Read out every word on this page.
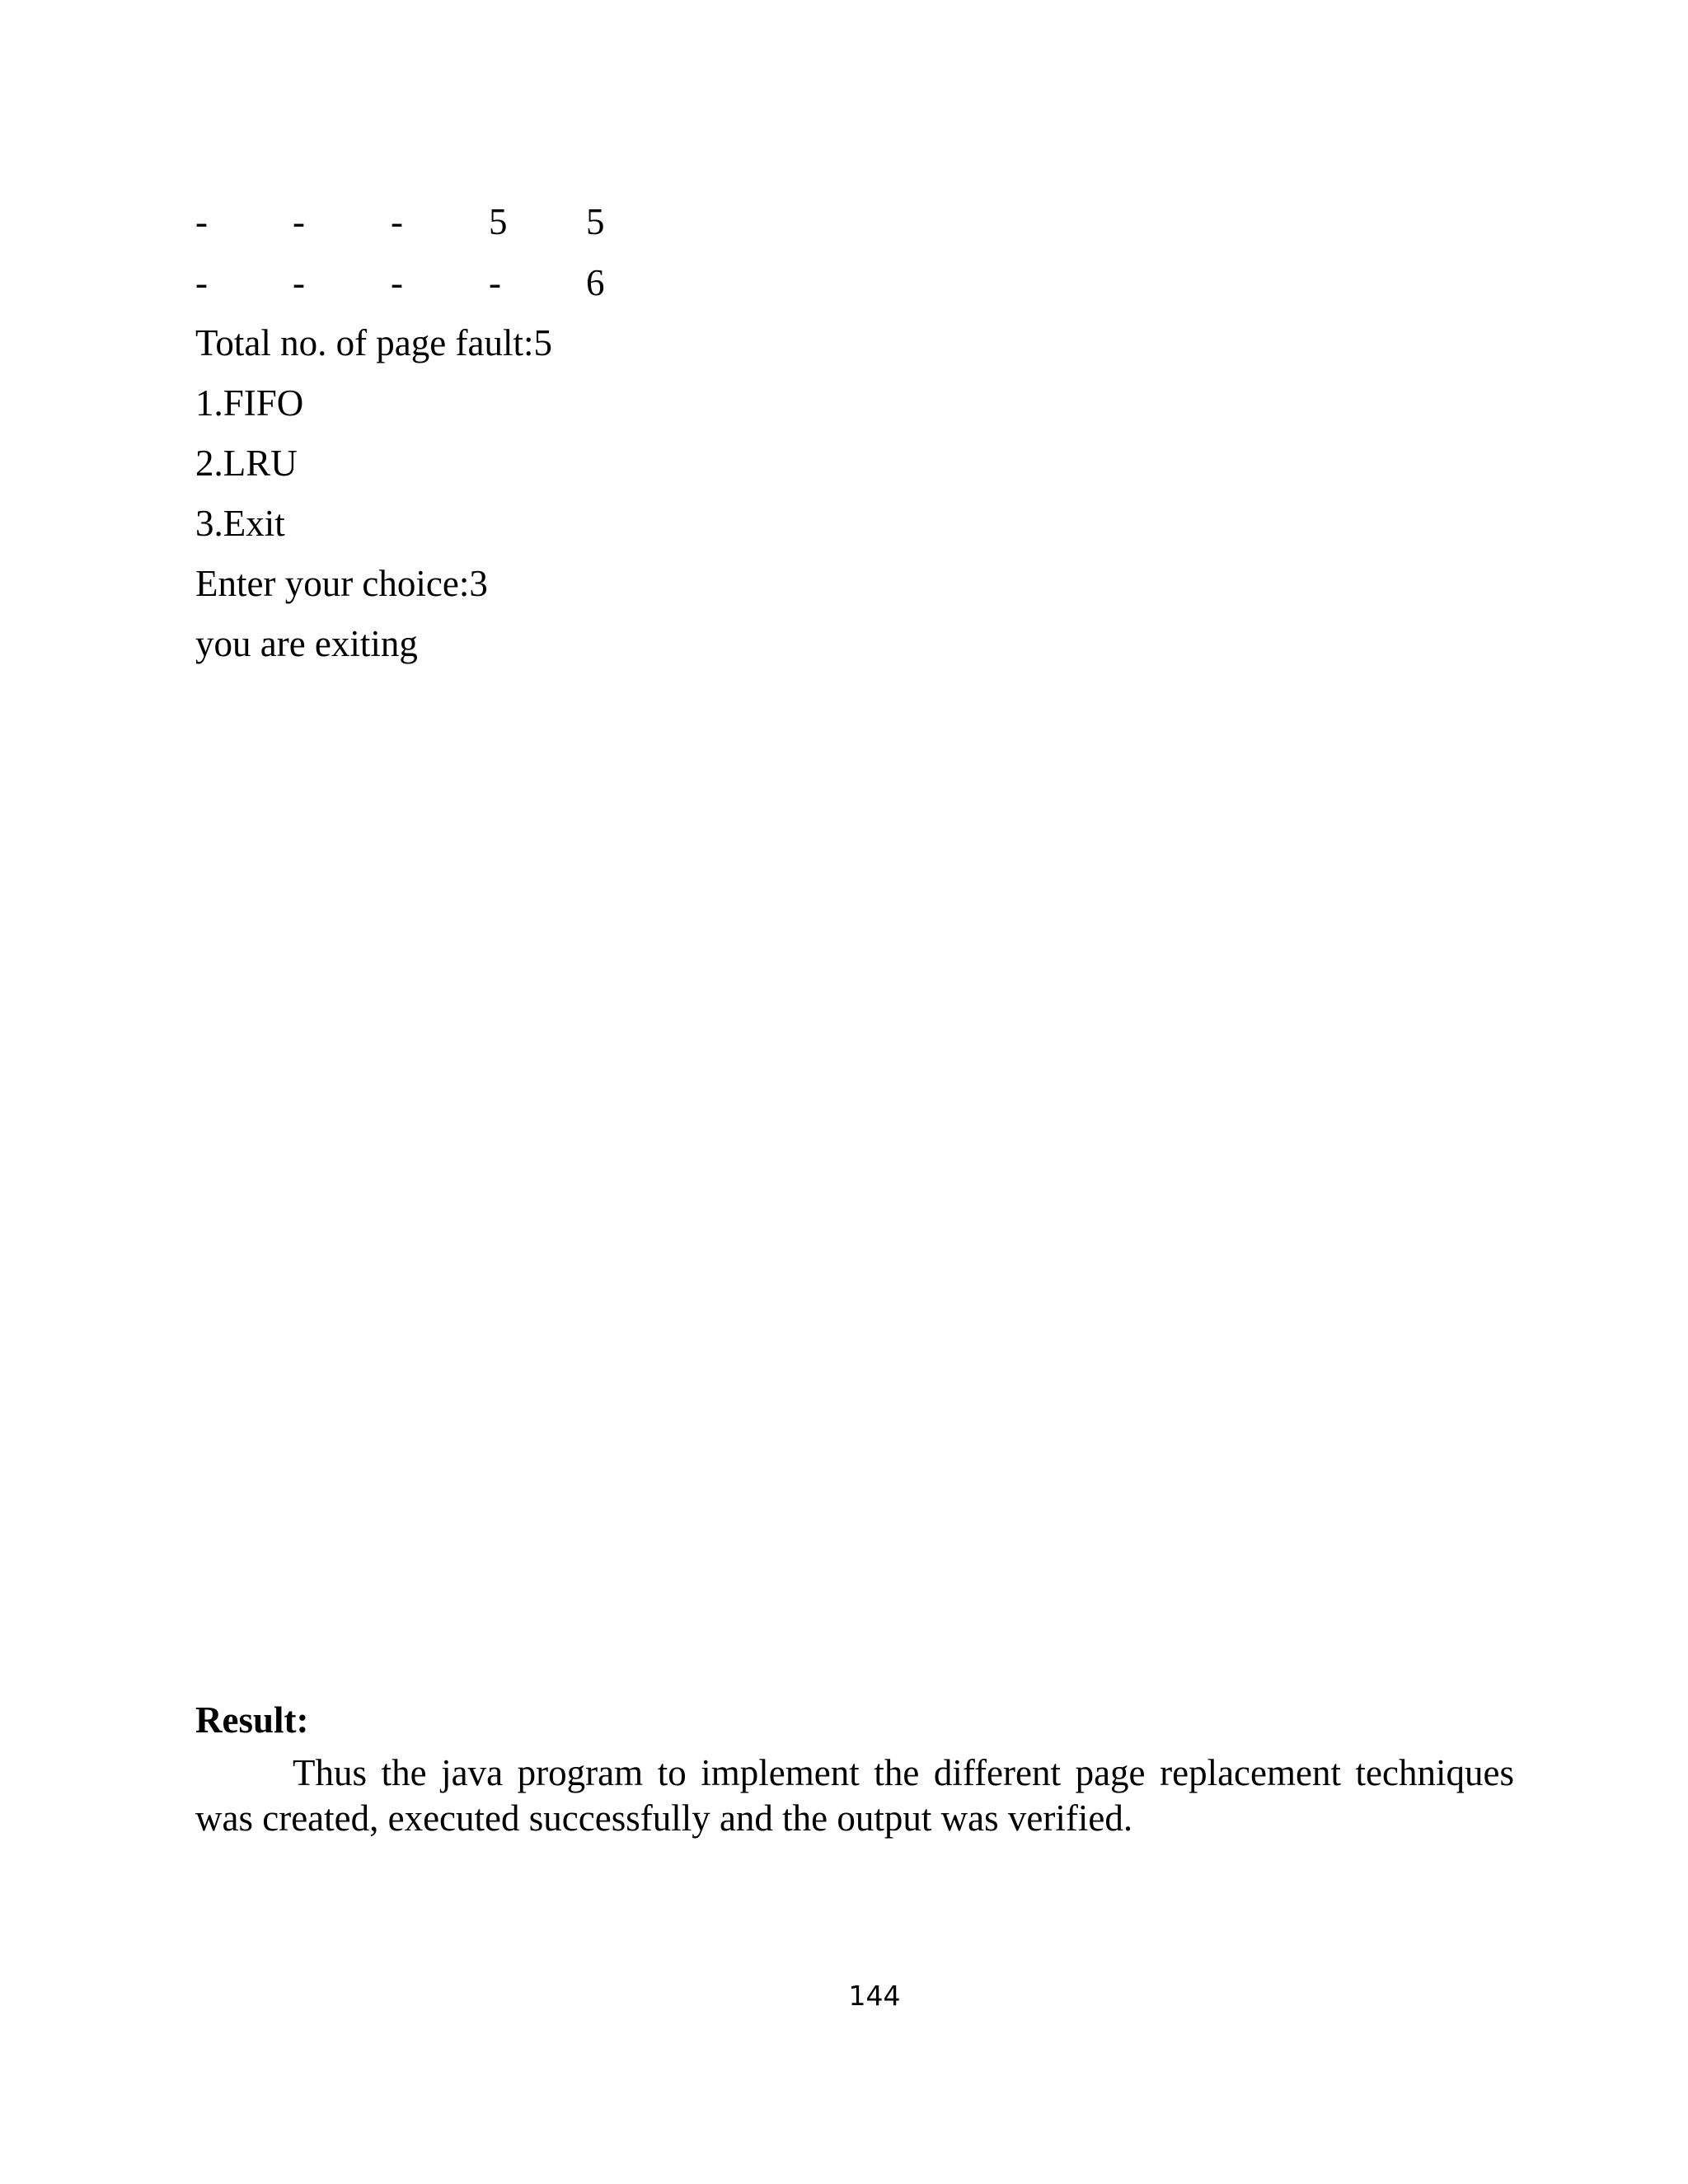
-	-	-	5	5
-	-	-	-	6
Total no. of page fault:5
1.FIFO
2.LRU
3.Exit
Enter your choice:3
you are exiting
Result:
Thus the java program to implement the different page replacement techniques was created, executed successfully and the output was verified.
144
